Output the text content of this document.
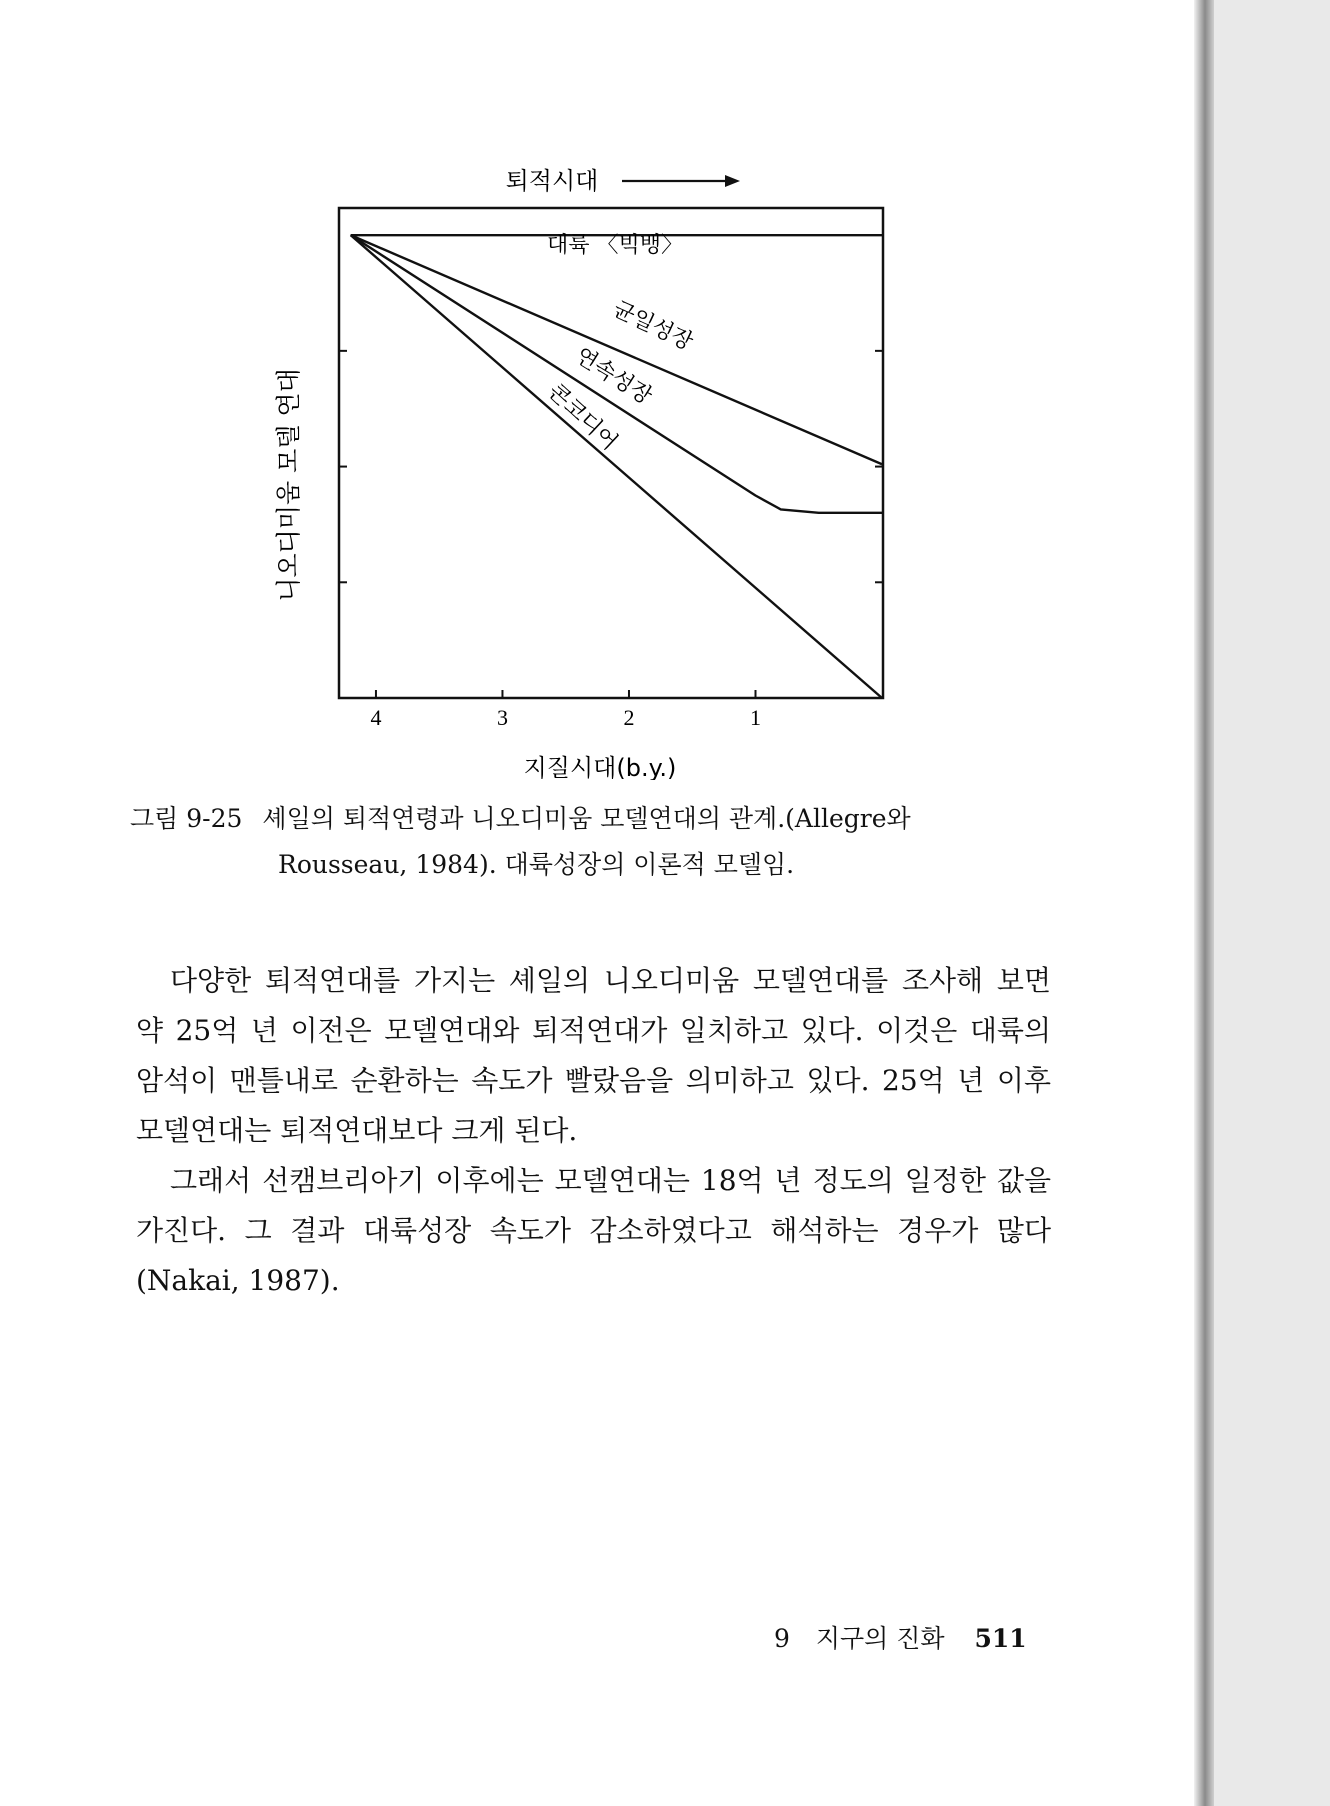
퇴적시대
니오디미움 모델 연대
지질시대(b.y.)
4	3	2	1
대륙 〈빅뱅〉
균일성장
연속성장
콘코디어
그림 9-25 셰일의 퇴적연령과 니오디미움 모델연대의 관계.(Allegre와
Rousseau, 1984). 대륙성장의 이론적 모델임.

다양한 퇴적연대를 가지는 셰일의 니오디미움 모델연대를 조사해 보면 약 25억 년 이전은 모델연대와 퇴적연대가 일치하고 있다. 이것은 대륙의 암석이 맨틀내로 순환하는 속도가 빨랐음을 의미하고 있다. 25억 년 이후 모델연대는 퇴적연대보다 크게 된다.

그래서 선캠브리아기 이후에는 모델연대는 18억 년 정도의 일정한 값을 가진다. 그 결과 대륙성장 속도가 감소하였다고 해석하는 경우가 많다(Nakai, 1987).

9 지구의 진화 511
